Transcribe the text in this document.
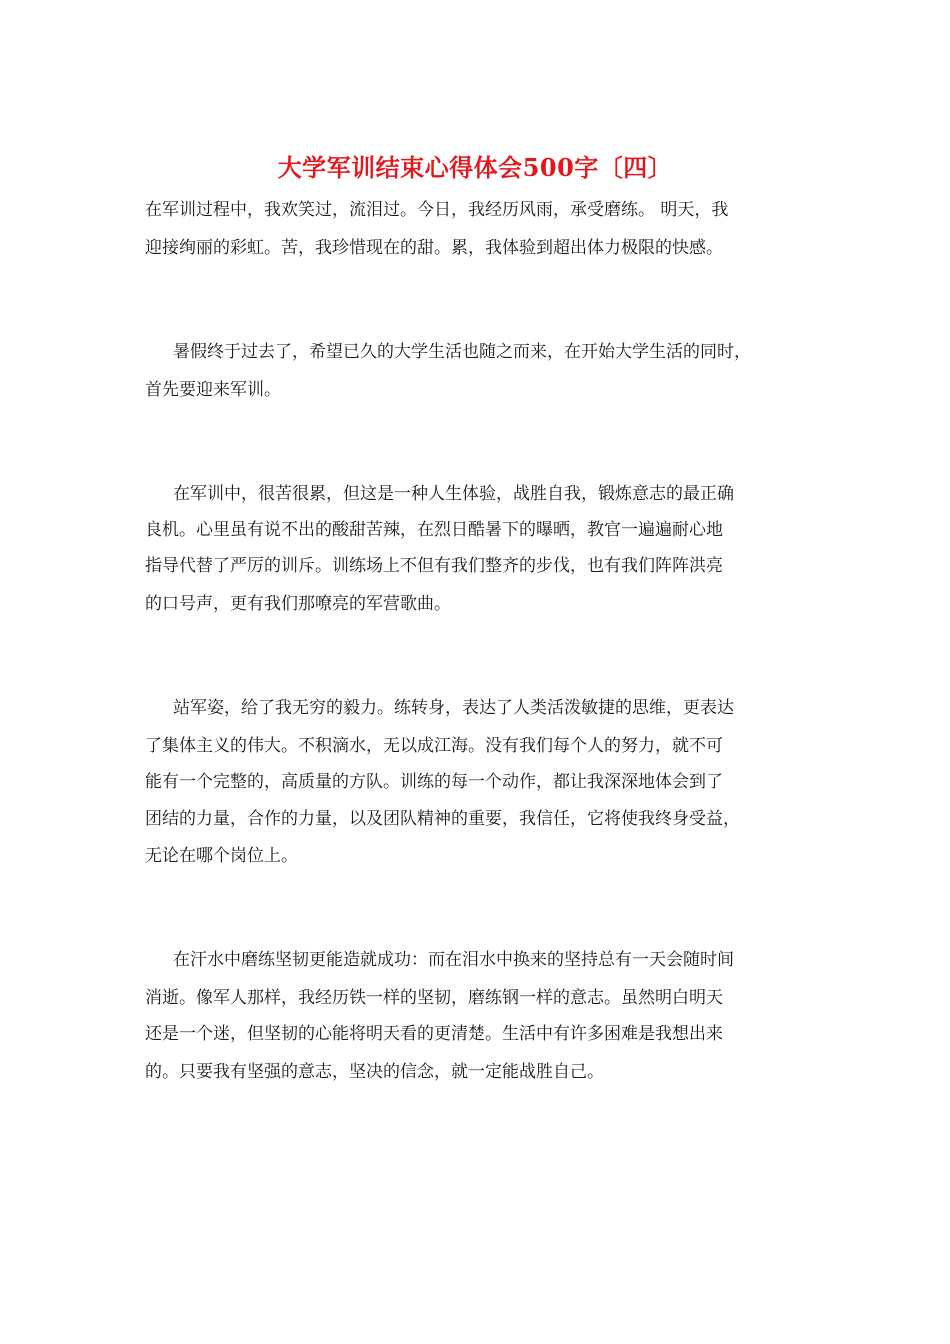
大学军训结束心得体会500字〔四〕
在军训过程中，我欢笑过，流泪过。今日，我经历风雨，承受磨练。 明天，我
迎接绚丽的彩虹。苦，我珍惜现在的甜。累，我体验到超出体力极限的快感。
暑假终于过去了，希望已久的大学生活也随之而来，在开始大学生活的同时，
首先要迎来军训。
在军训中，很苦很累，但这是一种人生体验，战胜自我，锻炼意志的最正确
良机。心里虽有说不出的酸甜苦辣，在烈日酷暑下的曝晒，教官一遍遍耐心地
指导代替了严厉的训斥。训练场上不但有我们整齐的步伐，也有我们阵阵洪亮
的口号声，更有我们那嘹亮的军营歌曲。
站军姿，给了我无穷的毅力。练转身，表达了人类活泼敏捷的思维，更表达
了集体主义的伟大。不积滴水，无以成江海。没有我们每个人的努力，就不可
能有一个完整的，高质量的方队。训练的每一个动作，都让我深深地体会到了
团结的力量，合作的力量，以及团队精神的重要，我信任，它将使我终身受益，
无论在哪个岗位上。
在汗水中磨练坚韧更能造就成功：而在泪水中换来的坚持总有一天会随时间
消逝。像军人那样，我经历铁一样的坚韧，磨练钢一样的意志。虽然明白明天
还是一个迷，但坚韧的心能将明天看的更清楚。生活中有许多困难是我想出来
的。只要我有坚强的意志，坚决的信念，就一定能战胜自己。
